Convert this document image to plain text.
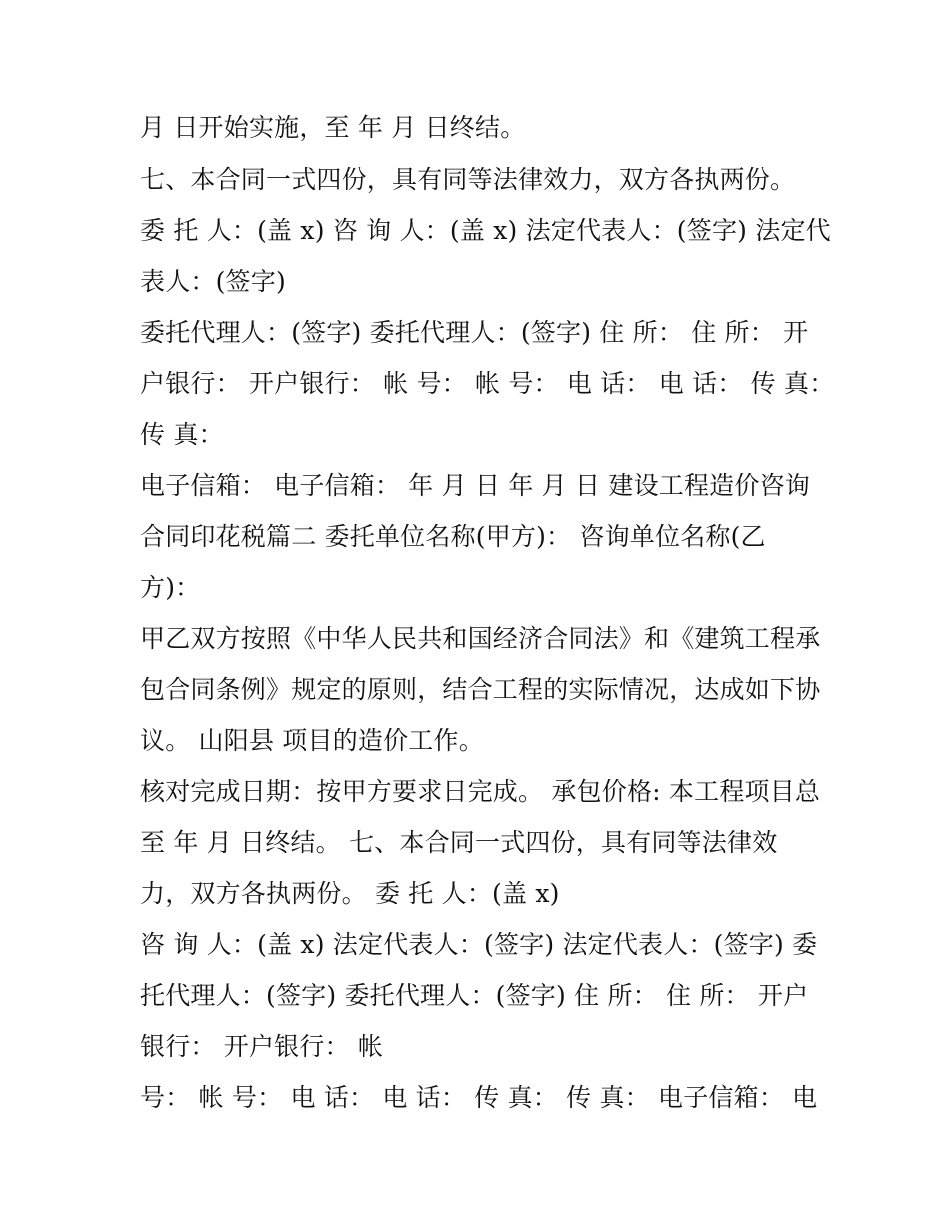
月 日开始实施，至 年 月 日终结。
七、本合同一式四份，具有同等法律效力，双方各执两份。
委 托 人：(盖 x) 咨 询 人：(盖 x) 法定代表人：(签字) 法定代
表人：(签字)
委托代理人：(签字) 委托代理人：(签字) 住 所： 住 所： 开
户银行： 开户银行： 帐 号： 帐 号： 电 话： 电 话： 传 真：
传 真：
电子信箱： 电子信箱： 年 月 日 年 月 日 建设工程造价咨询
合同印花税篇二 委托单位名称(甲方)： 咨询单位名称(乙
方)：
甲乙双方按照《中华人民共和国经济合同法》和《建筑工程承
包合同条例》规定的原则，结合工程的实际情况，达成如下协
议。 山阳县 项目的造价工作。
核对完成日期：按甲方要求日完成。 承包价格: 本工程项目总
至 年 月 日终结。 七、本合同一式四份，具有同等法律效
力，双方各执两份。 委 托 人：(盖 x)
咨 询 人：(盖 x) 法定代表人：(签字) 法定代表人：(签字) 委
托代理人：(签字) 委托代理人：(签字) 住 所： 住 所： 开户
银行： 开户银行： 帐
号： 帐 号： 电 话： 电 话： 传 真： 传 真： 电子信箱： 电
